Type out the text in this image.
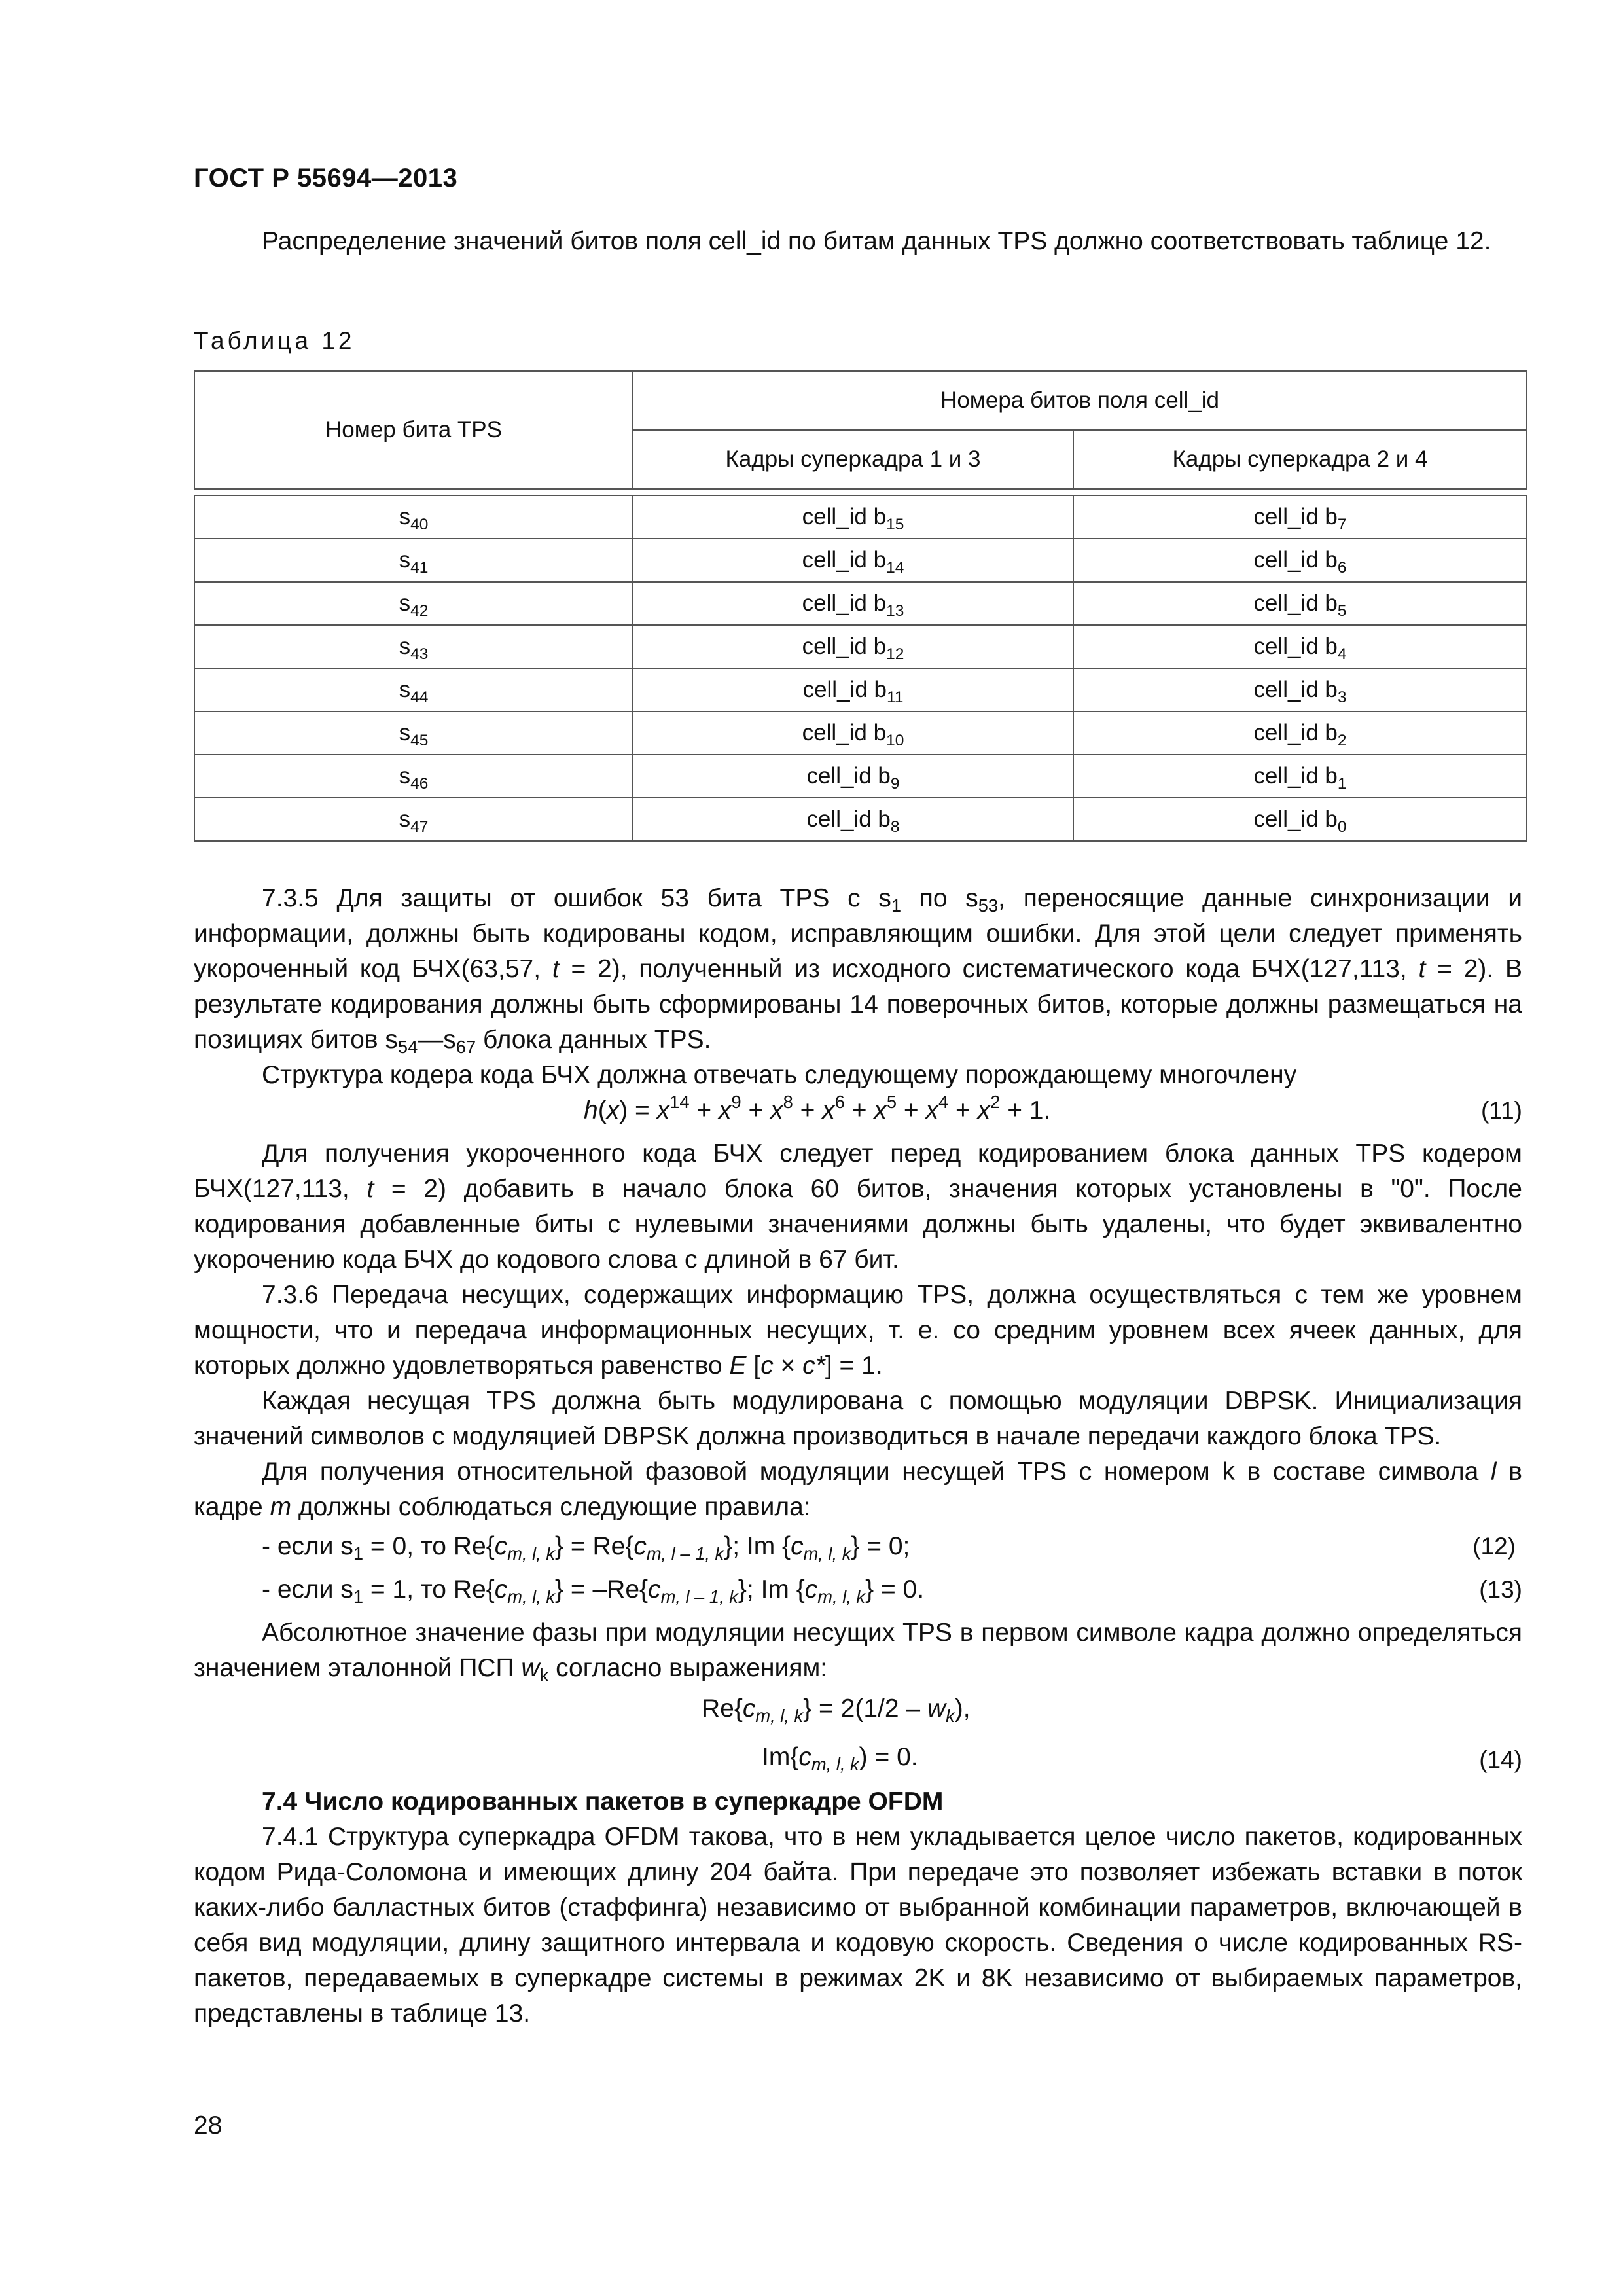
ГОСТ Р 55694—2013

Распределение значений битов поля cell_id по битам данных TPS должно соответствовать таблице 12.

Таблица 12
Номер бита TPS	Номера битов поля cell_id	
	Кадры суперкадра 1 и 3	Кадры суперкадра 2 и 4

$s_{40}$	cell_id $b_{15}$	cell_id $b_7$
$s_{41}$	cell_id $b_{14}$	cell_id $b_6$
$s_{42}$	cell_id $b_{13}$	cell_id $b_5$
$s_{43}$	cell_id $b_{12}$	cell_id $b_4$
$s_{44}$	cell_id $b_{11}$	cell_id $b_3$
$s_{45}$	cell_id $b_{10}$	cell_id $b_2$
$s_{46}$	cell_id $b_9$	cell_id $b_1$
$s_{47}$	cell_id $b_8$	cell_id $b_0$

7.3.5 Для защиты от ошибок 53 бита TPS с $s_1$ по $s_{53}$, переносящие данные синхронизации и информации, должны быть кодированы кодом, исправляющим ошибки. Для этой цели следует применять укороченный код БЧХ(63,57, t = 2), полученный из исходного систематического кода БЧХ(127,113, t = 2). В результате кодирования должны быть сформированы 14 поверочных битов, которые должны размещаться на позициях битов $s_{54}—s_{67}$ блока данных TPS.

Структура кодера кода БЧХ должна отвечать следующему порождающему многочлену

$h(x) = x^{14} + x^9 + x^8 + x^6 + x^5 + x^4 + x^2 + 1$.	(11)

Для получения укороченного кода БЧХ следует перед кодированием блока данных TPS кодером БЧХ(127,113, t = 2) добавить в начало блока 60 битов, значения которых установлены в "0". После кодирования добавленные биты с нулевыми значениями должны быть удалены, что будет эквивалентно укорочению кода БЧХ до кодового слова с длиной в 67 бит.

7.3.6 Передача несущих, содержащих информацию TPS, должна осуществляться с тем же уровнем мощности, что и передача информационных несущих, т. е. со средним уровнем всех ячеек данных, для которых должно удовлетворяться равенство E [c × c*] = 1.

Каждая несущая TPS должна быть модулирована с помощью модуляции DBPSK. Инициализация значений символов с модуляцией DBPSK должна производиться в начале передачи каждого блока TPS.

Для получения относительной фазовой модуляции несущей TPS с номером k в составе символа l в кадре m должны соблюдаться следующие правила:

- если $s_1 = 0$, то $Re\{c_{m, l, k}\} = Re\{c_{m, l - 1, k}\}$; Im $\{c_{m, l, k}\} = 0$;	(12)
- если $s_1 = 1$, то $Re\{c_{m, l, k}\} = -Re\{c_{m, l - 1, k}\}$; Im $\{c_{m, l, k}\} = 0$.	(13)

Абсолютное значение фазы при модуляции несущих TPS в первом символе кадра должно определяться значением эталонной ПСП $w_k$ согласно выражениям:

$Re\{c_{m, l, k}\} = 2(1/2 - w_k)$,
$Im\{c_{m, l, k}) = 0$.	(14)

7.4 Число кодированных пакетов в суперкадре OFDM

7.4.1 Структура суперкадра OFDM такова, что в нем укладывается целое число пакетов, кодированных кодом Рида-Соломона и имеющих длину 204 байта. При передаче это позволяет избежать вставки в поток каких-либо балластных битов (стаффинга) независимо от выбранной комбинации параметров, включающей в себя вид модуляции, длину защитного интервала и кодовую скорость. Сведения о числе кодированных RS-пакетов, передаваемых в суперкадре системы в режимах 2K и 8K независимо от выбираемых параметров, представлены в таблице 13.

28
